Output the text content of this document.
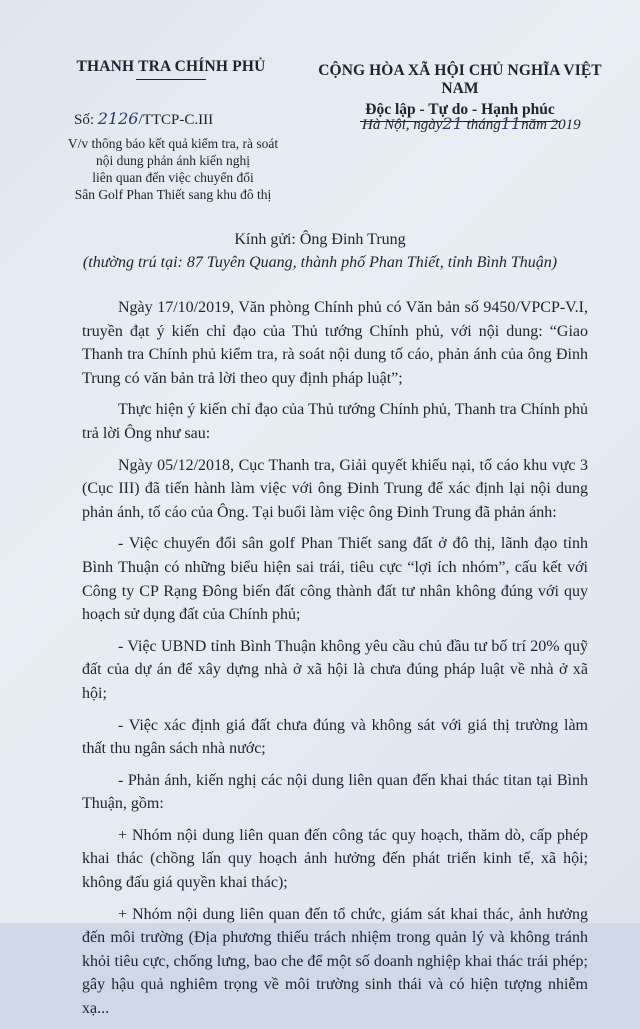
THANH TRA CHÍNH PHỦ	CỘNG HÒA XÃ HỘI CHỦ NGHĨA VIỆT NAM
Độc lập - Tự do - Hạnh phúc
Số: 2126/TTCP-C.III
V/v thông báo kết quả kiểm tra, rà soát
nội dung phản ánh kiến nghị
liên quan đến việc chuyển đổi
Sân Golf Phan Thiết sang khu đô thị
Hà Nội, ngày21 tháng11năm 2019
Kính gửi: Ông Đinh Trung
(thường trú tại: 87 Tuyên Quang, thành phố Phan Thiết, tỉnh Bình Thuận)

Ngày 17/10/2019, Văn phòng Chính phủ có Văn bản số 9450/VPCP-V.I, truyền đạt ý kiến chỉ đạo của Thủ tướng Chính phủ, với nội dung: “Giao Thanh tra Chính phủ kiểm tra, rà soát nội dung tố cáo, phản ánh của ông Đinh Trung có văn bản trả lời theo quy định pháp luật”;

Thực hiện ý kiến chỉ đạo của Thủ tướng Chính phủ, Thanh tra Chính phủ trả lời Ông như sau:

Ngày 05/12/2018, Cục Thanh tra, Giải quyết khiếu nại, tố cáo khu vực 3 (Cục III) đã tiến hành làm việc với ông Đinh Trung để xác định lại nội dung phản ánh, tố cáo của Ông. Tại buổi làm việc ông Đinh Trung đã phản ánh:

- Việc chuyển đổi sân golf Phan Thiết sang đất ở đô thị, lãnh đạo tỉnh Bình Thuận có những biểu hiện sai trái, tiêu cực “lợi ích nhóm”, cấu kết với Công ty CP Rạng Đông biến đất công thành đất tư nhân không đúng với quy hoạch sử dụng đất của Chính phủ;

- Việc UBND tỉnh Bình Thuận không yêu cầu chủ đầu tư bố trí 20% quỹ đất của dự án để xây dựng nhà ở xã hội là chưa đúng pháp luật về nhà ở xã hội;

- Việc xác định giá đất chưa đúng và không sát với giá thị trường làm thất thu ngân sách nhà nước;

- Phản ánh, kiến nghị các nội dung liên quan đến khai thác titan tại Bình Thuận, gồm:

+ Nhóm nội dung liên quan đến công tác quy hoạch, thăm dò, cấp phép khai thác (chồng lấn quy hoạch ảnh hưởng đến phát triển kinh tế, xã hội; không đấu giá quyền khai thác);

+ Nhóm nội dung liên quan đến tổ chức, giám sát khai thác, ảnh hưởng đến môi trường (Địa phương thiếu trách nhiệm trong quản lý và không tránh khỏi tiêu cực, chống lưng, bao che để một số doanh nghiệp khai thác trái phép; gây hậu quả nghiêm trọng về môi trường sinh thái và có hiện tượng nhiễm xạ...
